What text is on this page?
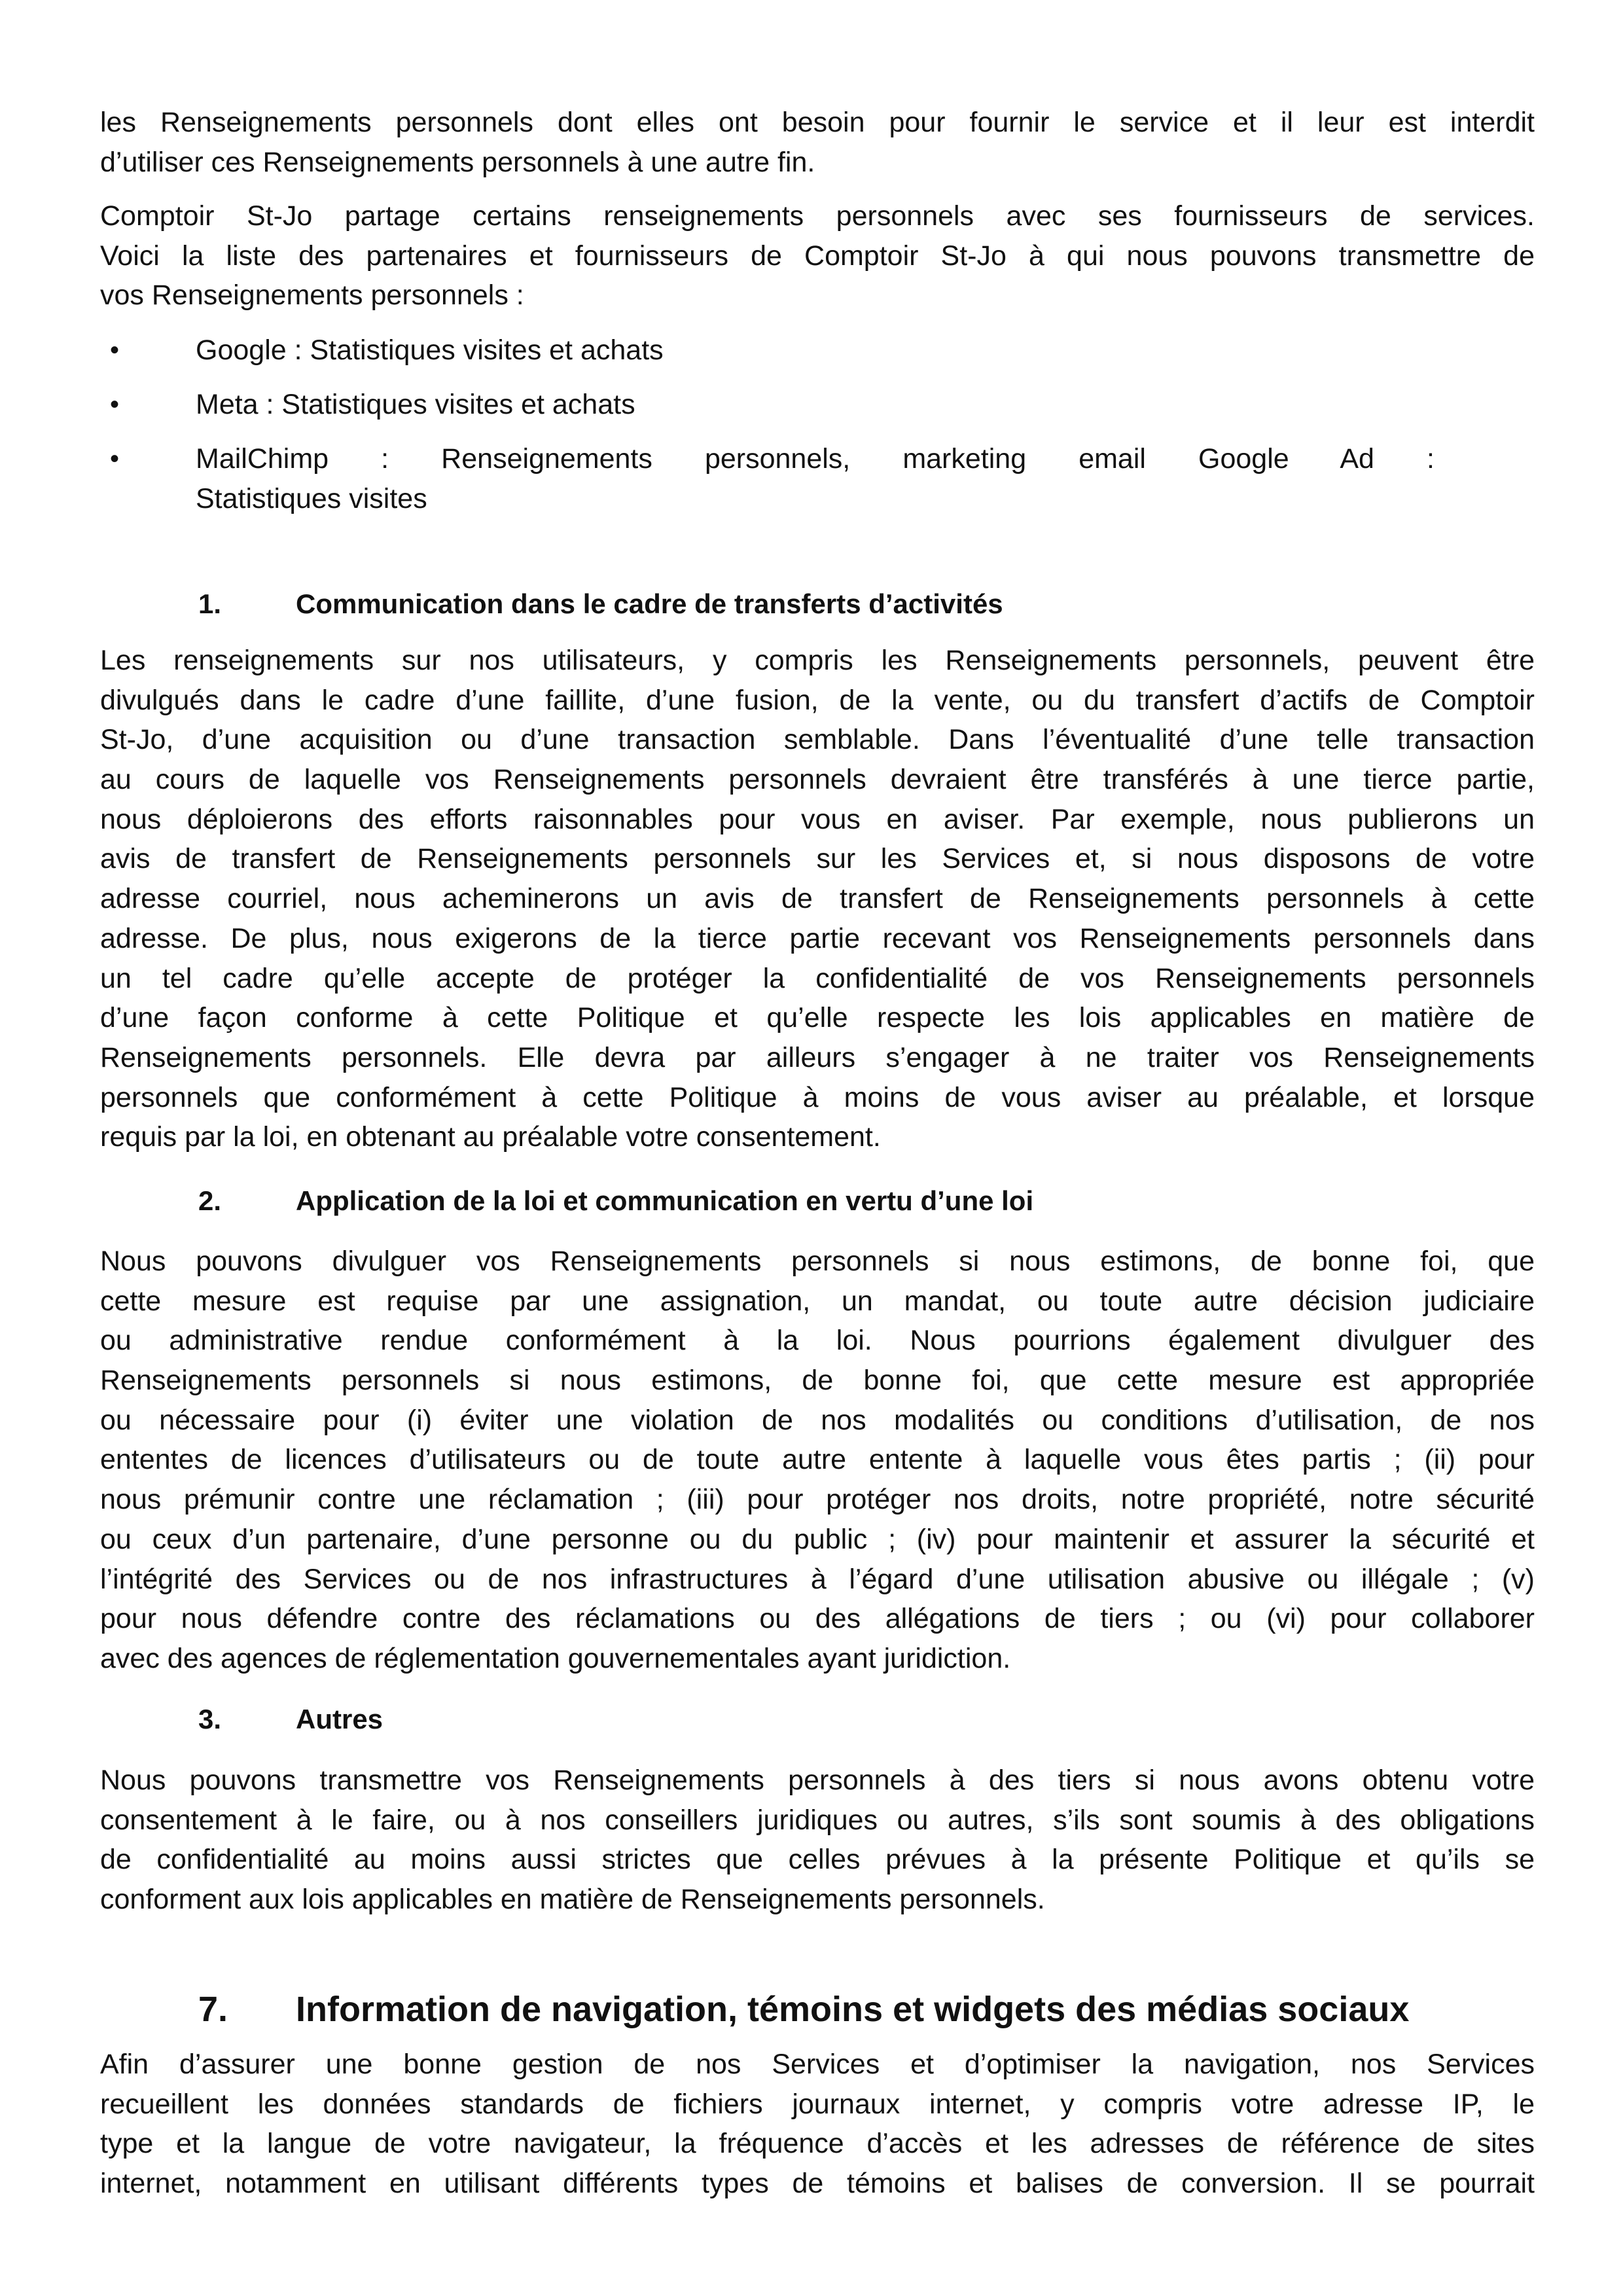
les Renseignements personnels dont elles ont besoin pour fournir le service et il leur est interdit
d’utiliser ces Renseignements personnels à une autre fin.
Comptoir St-Jo partage certains renseignements personnels avec ses fournisseurs de services.
Voici la liste des partenaires et fournisseurs de Comptoir St-Jo à qui nous pouvons transmettre de
vos Renseignements personnels :
•	Google : Statistiques visites et achats
•	Meta : Statistiques visites et achats
•	MailChimp : Renseignements personnels, marketing email Google Ad :
Statistiques visites
1.	Communication dans le cadre de transferts d’activités
Les renseignements sur nos utilisateurs, y compris les Renseignements personnels, peuvent être
divulgués dans le cadre d’une faillite, d’une fusion, de la vente, ou du transfert d’actifs de Comptoir
St-Jo, d’une acquisition ou d’une transaction semblable. Dans l’éventualité d’une telle transaction
au cours de laquelle vos Renseignements personnels devraient être transférés à une tierce partie,
nous déploierons des efforts raisonnables pour vous en aviser. Par exemple, nous publierons un
avis de transfert de Renseignements personnels sur les Services et, si nous disposons de votre
adresse courriel, nous acheminerons un avis de transfert de Renseignements personnels à cette
adresse. De plus, nous exigerons de la tierce partie recevant vos Renseignements personnels dans
un tel cadre qu’elle accepte de protéger la confidentialité de vos Renseignements personnels
d’une façon conforme à cette Politique et qu’elle respecte les lois applicables en matière de
Renseignements personnels. Elle devra par ailleurs s’engager à ne traiter vos Renseignements
personnels que conformément à cette Politique à moins de vous aviser au préalable, et lorsque
requis par la loi, en obtenant au préalable votre consentement.
2.	Application de la loi et communication en vertu d’une loi
Nous pouvons divulguer vos Renseignements personnels si nous estimons, de bonne foi, que
cette mesure est requise par une assignation, un mandat, ou toute autre décision judiciaire
ou administrative rendue conformément à la loi. Nous pourrions également divulguer des
Renseignements personnels si nous estimons, de bonne foi, que cette mesure est appropriée
ou nécessaire pour (i) éviter une violation de nos modalités ou conditions d’utilisation, de nos
ententes de licences d’utilisateurs ou de toute autre entente à laquelle vous êtes partis ; (ii) pour
nous prémunir contre une réclamation ; (iii) pour protéger nos droits, notre propriété, notre sécurité
ou ceux d’un partenaire, d’une personne ou du public ; (iv) pour maintenir et assurer la sécurité et
l’intégrité des Services ou de nos infrastructures à l’égard d’une utilisation abusive ou illégale ; (v)
pour nous défendre contre des réclamations ou des allégations de tiers ; ou (vi) pour collaborer
avec des agences de réglementation gouvernementales ayant juridiction.
3.	Autres
Nous pouvons transmettre vos Renseignements personnels à des tiers si nous avons obtenu votre
consentement à le faire, ou à nos conseillers juridiques ou autres, s’ils sont soumis à des obligations
de confidentialité au moins aussi strictes que celles prévues à la présente Politique et qu’ils se
conforment aux lois applicables en matière de Renseignements personnels.
7. Information de navigation, témoins et widgets des médias sociaux
Afin d’assurer une bonne gestion de nos Services et d’optimiser la navigation, nos Services
recueillent les données standards de fichiers journaux internet, y compris votre adresse IP, le
type et la langue de votre navigateur, la fréquence d’accès et les adresses de référence de sites
internet, notamment en utilisant différents types de témoins et balises de conversion. Il se pourrait
